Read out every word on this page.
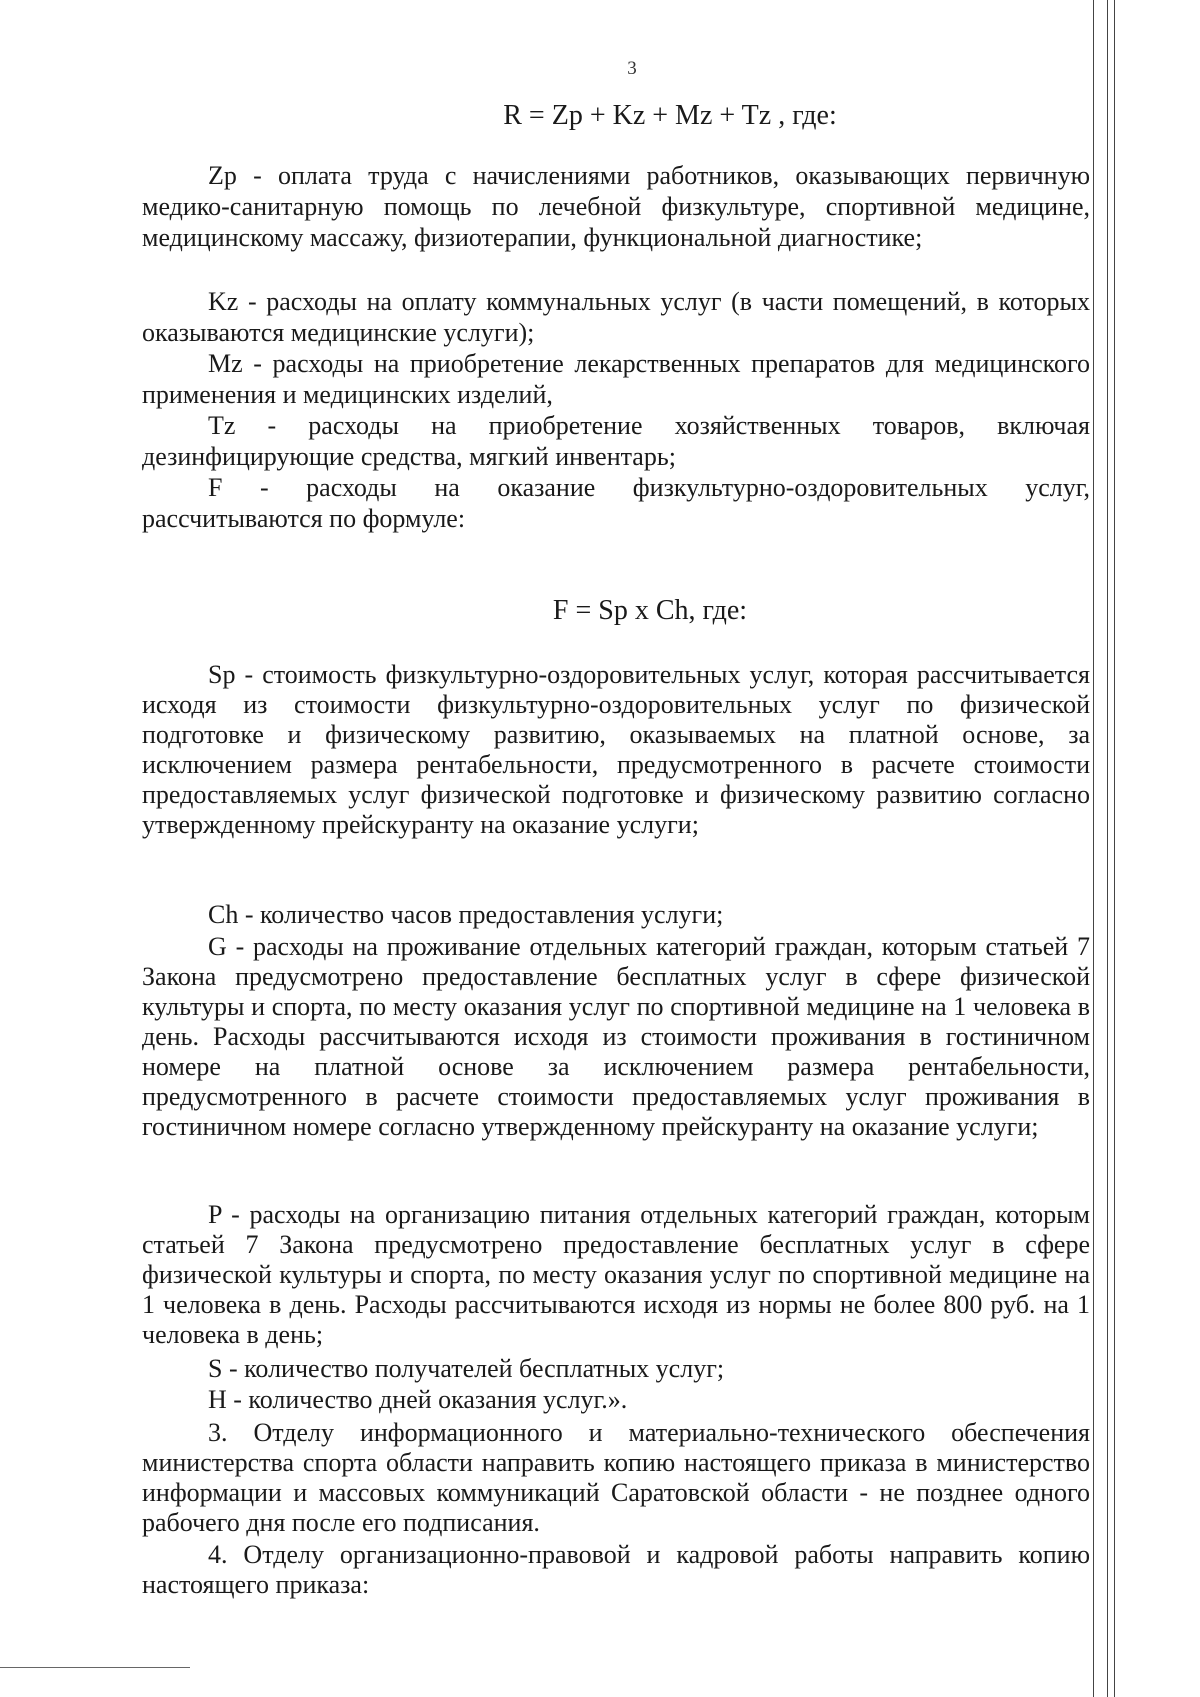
3
R = Zp + Kz + Mz + Tz , где:

Zp - оплата труда с начислениями работников, оказывающих первичную медико-санитарную помощь по лечебной физкультуре, спортивной медицине, медицинскому массажу, физиотерапии, функциональной диагностике;

Kz - расходы на оплату коммунальных услуг (в части помещений, в которых оказываются медицинские услуги);

Mz - расходы на приобретение лекарственных препаратов для медицинского применения и медицинских изделий,

Tz - расходы на приобретение хозяйственных товаров, включая дезинфицирующие средства, мягкий инвентарь;

F - расходы на оказание физкультурно-оздоровительных услуг, рассчитываются по формуле:

F = Sp x Ch, где:

Sp - стоимость физкультурно-оздоровительных услуг, которая рассчитывается исходя из стоимости физкультурно-оздоровительных услуг по физической подготовке и физическому развитию, оказываемых на платной основе, за исключением размера рентабельности, предусмотренного в расчете стоимости предоставляемых услуг физической подготовке и физическому развитию согласно утвержденному прейскуранту на оказание услуги;

Ch - количество часов предоставления услуги;

G - расходы на проживание отдельных категорий граждан, которым статьей 7 Закона предусмотрено предоставление бесплатных услуг в сфере физической культуры и спорта, по месту оказания услуг по спортивной медицине на 1 человека в день. Расходы рассчитываются исходя из стоимости проживания в гостиничном номере на платной основе за исключением размера рентабельности, предусмотренного в расчете стоимости предоставляемых услуг проживания в гостиничном номере согласно утвержденному прейскуранту на оказание услуги;

P - расходы на организацию питания отдельных категорий граждан, которым статьей 7 Закона предусмотрено предоставление бесплатных услуг в сфере физической культуры и спорта, по месту оказания услуг по спортивной медицине на 1 человека в день. Расходы рассчитываются исходя из нормы не более 800 руб. на 1 человека в день;

S - количество получателей бесплатных услуг;

H - количество дней оказания услуг.».

3. Отделу информационного и материально-технического обеспечения министерства спорта области направить копию настоящего приказа в министерство информации и массовых коммуникаций Саратовской области - не позднее одного рабочего дня после его подписания.

4. Отделу организационно-правовой и кадровой работы направить копию настоящего приказа:
